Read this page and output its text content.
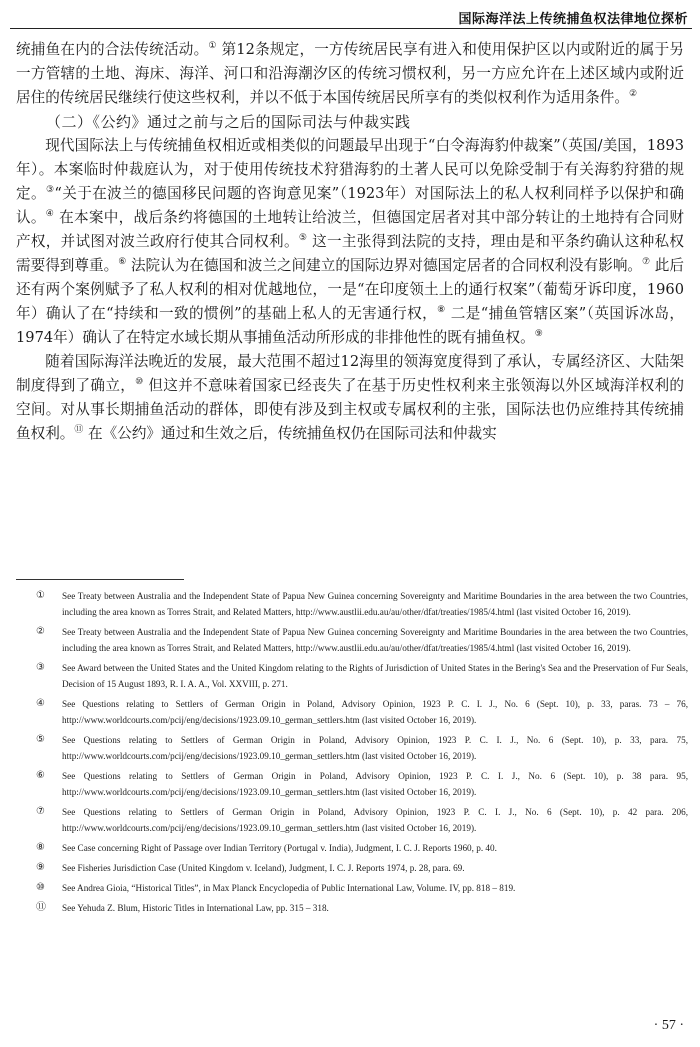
国际海洋法上传统捕鱼权法律地位探析

统捕鱼在内的合法传统活动。① 第12条规定，一方传统居民享有进入和使用保护区以内或附近的属于另一方管辖的土地、海床、海洋、河口和沿海潮汐区的传统习惯权利，另一方应允许在上述区域内或附近居住的传统居民继续行使这些权利，并以不低于本国传统居民所享有的类似权利作为适用条件。②

（二）《公约》通过之前与之后的国际司法与仲裁实践

现代国际法上与传统捕鱼权相近或相类似的问题最早出现于“白令海海豹仲裁案”（英国/美国，1893年）。本案临时仲裁庭认为，对于使用传统技术狩猎海豹的土著人民可以免除受制于有关海豹狩猎的规定。③“关于在波兰的德国移民问题的咨询意见案”（1923年）对国际法上的私人权利同样予以保护和确认。④ 在本案中，战后条约将德国的土地转让给波兰，但德国定居者对其中部分转让的土地持有合同财产权，并试图对波兰政府行使其合同权利。⑤ 这一主张得到法院的支持，理由是和平条约确认这种私权需要得到尊重。⑥ 法院认为在德国和波兰之间建立的国际边界对德国定居者的合同权利没有影响。⑦ 此后还有两个案例赋予了私人权利的相对优越地位，一是“在印度领土上的通行权案”（葡萄牙诉印度，1960年）确认了在“持续和一致的惯例”的基础上私人的无害通行权，⑧ 二是“捕鱼管辖区案”（英国诉冰岛，1974年）确认了在特定水域长期从事捕鱼活动所形成的非排他性的既有捕鱼权。⑨

随着国际海洋法晚近的发展，最大范围不超过12海里的领海宽度得到了承认，专属经济区、大陆架制度得到了确立，⑩ 但这并不意味着国家已经丧失了在基于历史性权利来主张领海以外区域海洋权利的空间。对从事长期捕鱼活动的群体，即使有涉及到主权或专属权利的主张，国际法也仍应维持其传统捕鱼权利。⑪ 在《公约》通过和生效之后，传统捕鱼权仍在国际司法和仲裁实

① See Treaty between Australia and the Independent State of Papua New Guinea concerning Sovereignty and Maritime Boundaries in the area between the two Countries, including the area known as Torres Strait, and Related Matters, http://www.austlii.edu.au/au/other/dfat/treaties/1985/4.html (last visited October 16, 2019).
② See Treaty between Australia and the Independent State of Papua New Guinea concerning Sovereignty and Maritime Boundaries in the area between the two Countries, including the area known as Torres Strait, and Related Matters, http://www.austlii.edu.au/au/other/dfat/treaties/1985/4.html (last visited October 16, 2019).
③ See Award between the United States and the United Kingdom relating to the Rights of Jurisdiction of United States in the Bering's Sea and the Preservation of Fur Seals, Decision of 15 August 1893, R. I. A. A., Vol. XXVIII, p. 271.
④ See Questions relating to Settlers of German Origin in Poland, Advisory Opinion, 1923 P. C. I. J., No. 6 (Sept. 10), p. 33, paras. 73 – 76, http://www.worldcourts.com/pcij/eng/decisions/1923.09.10_german_settlers.htm (last visited October 16, 2019).
⑤ See Questions relating to Settlers of German Origin in Poland, Advisory Opinion, 1923 P. C. I. J., No. 6 (Sept. 10), p. 33, para. 75, http://www.worldcourts.com/pcij/eng/decisions/1923.09.10_german_settlers.htm (last visited October 16, 2019).
⑥ See Questions relating to Settlers of German Origin in Poland, Advisory Opinion, 1923 P. C. I. J., No. 6 (Sept. 10), p. 38 para. 95, http://www.worldcourts.com/pcij/eng/decisions/1923.09.10_german_settlers.htm (last visited October 16, 2019).
⑦ See Questions relating to Settlers of German Origin in Poland, Advisory Opinion, 1923 P. C. I. J., No. 6 (Sept. 10), p. 42 para. 206, http://www.worldcourts.com/pcij/eng/decisions/1923.09.10_german_settlers.htm (last visited October 16, 2019).
⑧ See Case concerning Right of Passage over Indian Territory (Portugal v. India), Judgment, I. C. J. Reports 1960, p. 40.
⑨ See Fisheries Jurisdiction Case (United Kingdom v. Iceland), Judgment, I. C. J. Reports 1974, p. 28, para. 69.
⑩ See Andrea Gioia, “Historical Titles”, in Max Planck Encyclopedia of Public International Law, Volume. IV, pp. 818 – 819.
⑪ See Yehuda Z. Blum, Historic Titles in International Law, pp. 315 – 318.
· 57 ·
